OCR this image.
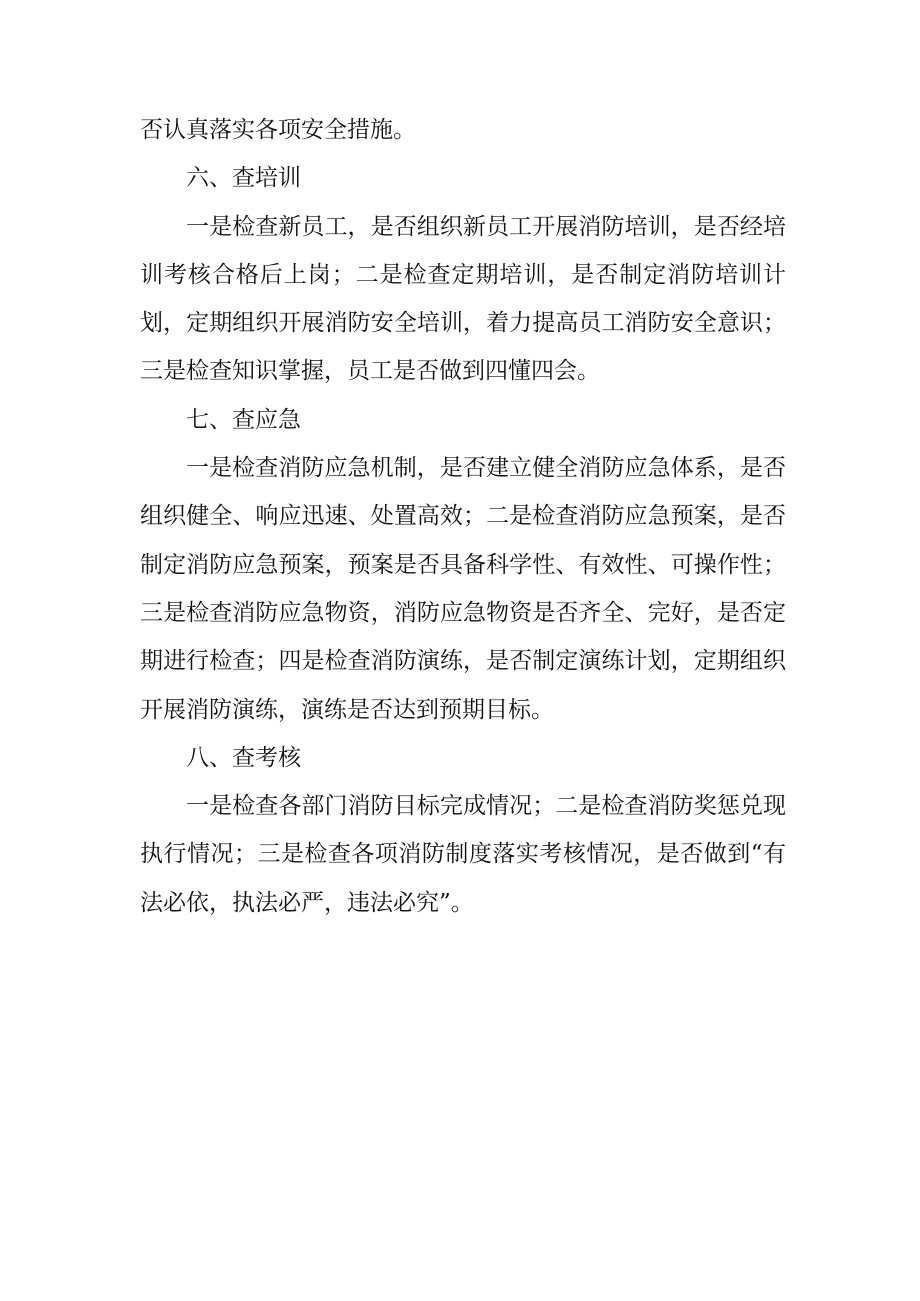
否认真落实各项安全措施。

六、查培训

一是检查新员工，是否组织新员工开展消防培训，是否经培训考核合格后上岗；二是检查定期培训，是否制定消防培训计划，定期组织开展消防安全培训，着力提高员工消防安全意识；三是检查知识掌握，员工是否做到四懂四会。

七、查应急

一是检查消防应急机制，是否建立健全消防应急体系，是否组织健全、响应迅速、处置高效；二是检查消防应急预案，是否制定消防应急预案，预案是否具备科学性、有效性、可操作性；三是检查消防应急物资，消防应急物资是否齐全、完好，是否定期进行检查；四是检查消防演练，是否制定演练计划，定期组织开展消防演练，演练是否达到预期目标。

八、查考核

一是检查各部门消防目标完成情况；二是检查消防奖惩兑现执行情况；三是检查各项消防制度落实考核情况，是否做到“有法必依，执法必严，违法必究”。
